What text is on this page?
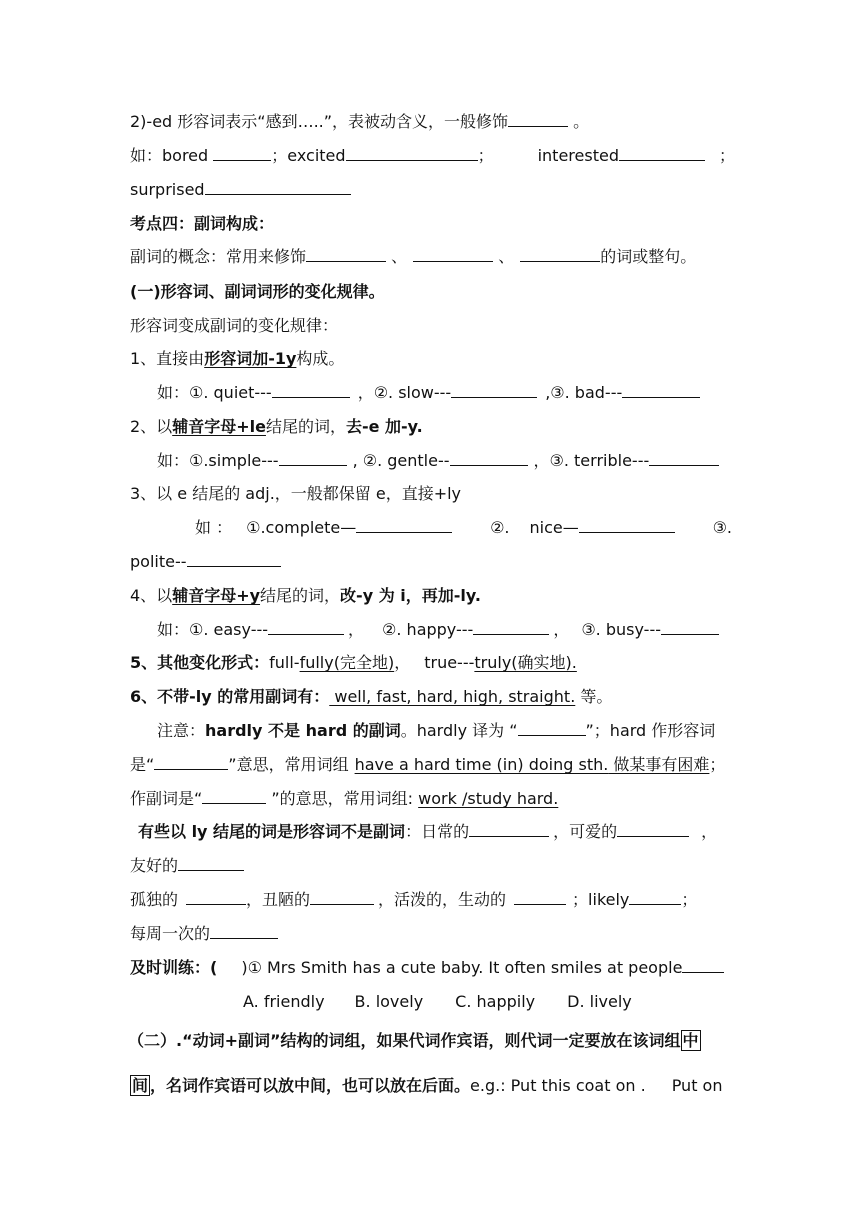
2)-ed 形容词表示“感到…..”，表被动含义，一般修饰	。
如：bored	；excited	；	interested	；
surprised
考点四：副词构成：
副词的概念：常用来修饰	、	、	的词或整句。
(一)形容词、副词词形的变化规律。
形容词变成副词的变化规律：
1、直接由形容词加-1y构成。
如：①. quiet---	，②. slow---	,③. bad---
2、以辅音字母+le结尾的词，去-e 加-y.
如：①.simple---	, ②. gentle--	，③. terrible---
3、以 e 结尾的 adj.，一般都保留 e，直接+ly
如 ： ①.complete—	②. nice—	③.
polite--
4、以辅音字母+y结尾的词，改-y 为 i，再加-ly.
如：①. easy---	， ②. happy---	， ③. busy---
5、其他变化形式：full-fully(完全地)， true---truly(确实地).
6、不带-ly 的常用副词有： well, fast, hard, high, straight. 等。
注意：hardly 不是 hard 的副词。hardly 译为 “	”；hard 作形容词
是“	”意思，常用词组 have a hard time (in) doing sth. 做某事有困难；
作副词是“	”的意思，常用词组: work /study hard.
有些以 ly 结尾的词是形容词不是副词：日常的	，可爱的	，
友好的
孤独的	，丑陋的	，活泼的，生动的	；likely	；
每周一次的
及时训练：( )① Mrs Smith has a cute baby. It often smiles at people
A. friendly B. lovely C. happily D. lively
（二）.“动词+副词”结构的词组，如果代词作宾语，则代词一定要放在该词组 中
间 ，名词作宾语可以放中间，也可以放在后面。e.g.: Put this coat on . Put on
